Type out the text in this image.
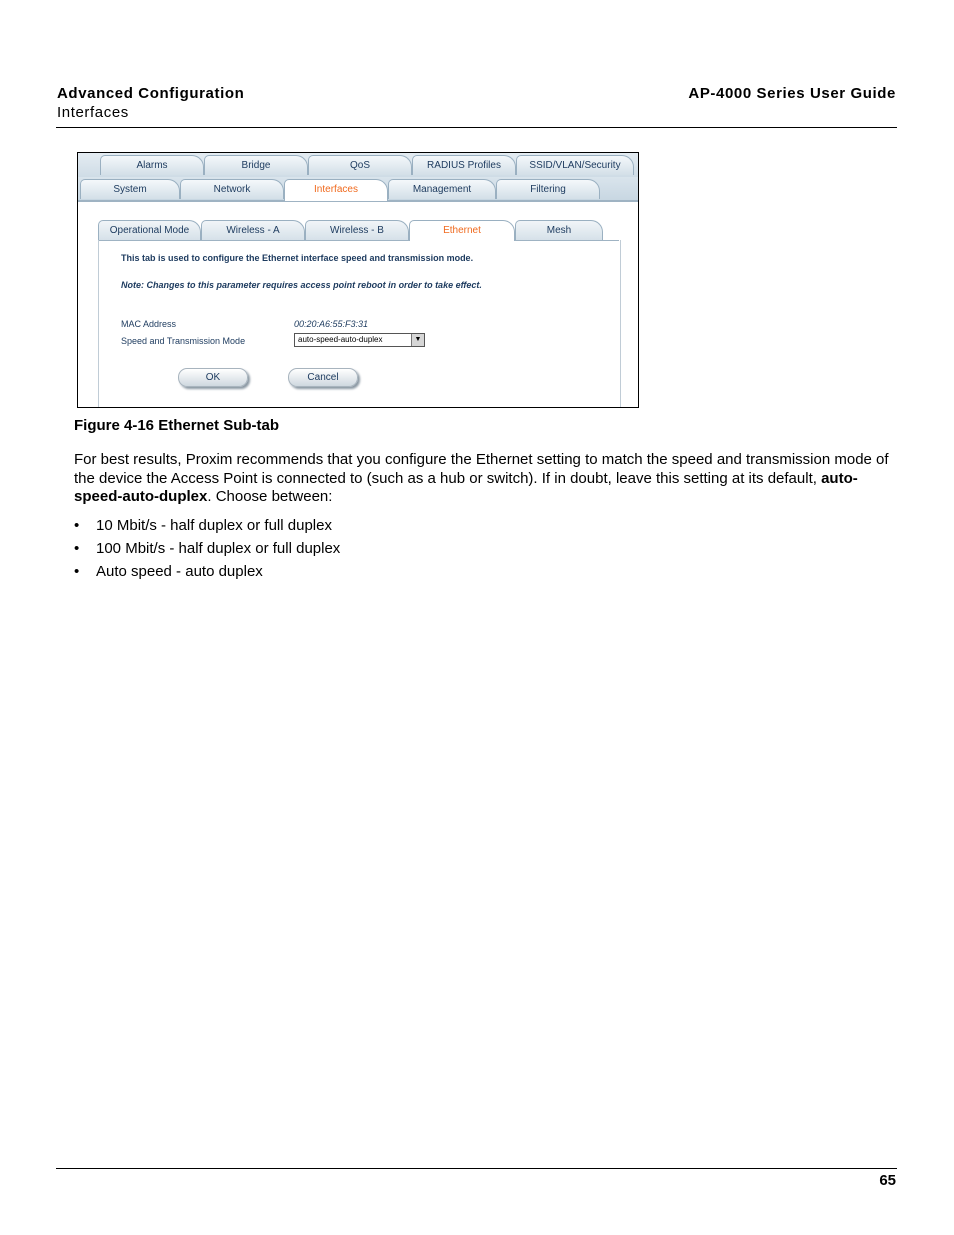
Advanced Configuration
Interfaces
AP-4000 Series User Guide
Alarms	Bridge	QoS	RADIUS Profiles	SSID/VLAN/Security
System	Network	Interfaces	Management	Filtering
Operational Mode	Wireless - A	Wireless - B	Ethernet	Mesh
This tab is used to configure the Ethernet interface speed and transmission mode.
Note: Changes to this parameter requires access point reboot in order to take effect.
MAC Address	00:20:A6:55:F3:31
Speed and Transmission Mode	auto-speed-auto-duplex	▼
OK	Cancel
Figure 4-16 Ethernet Sub-tab
For best results, Proxim recommends that you configure the Ethernet setting to match the speed and transmission mode of the device the Access Point is connected to (such as a hub or switch). If in doubt, leave this setting at its default, auto-speed-auto-duplex. Choose between:
• 10 Mbit/s - half duplex or full duplex
• 100 Mbit/s - half duplex or full duplex
• Auto speed - auto duplex
65
